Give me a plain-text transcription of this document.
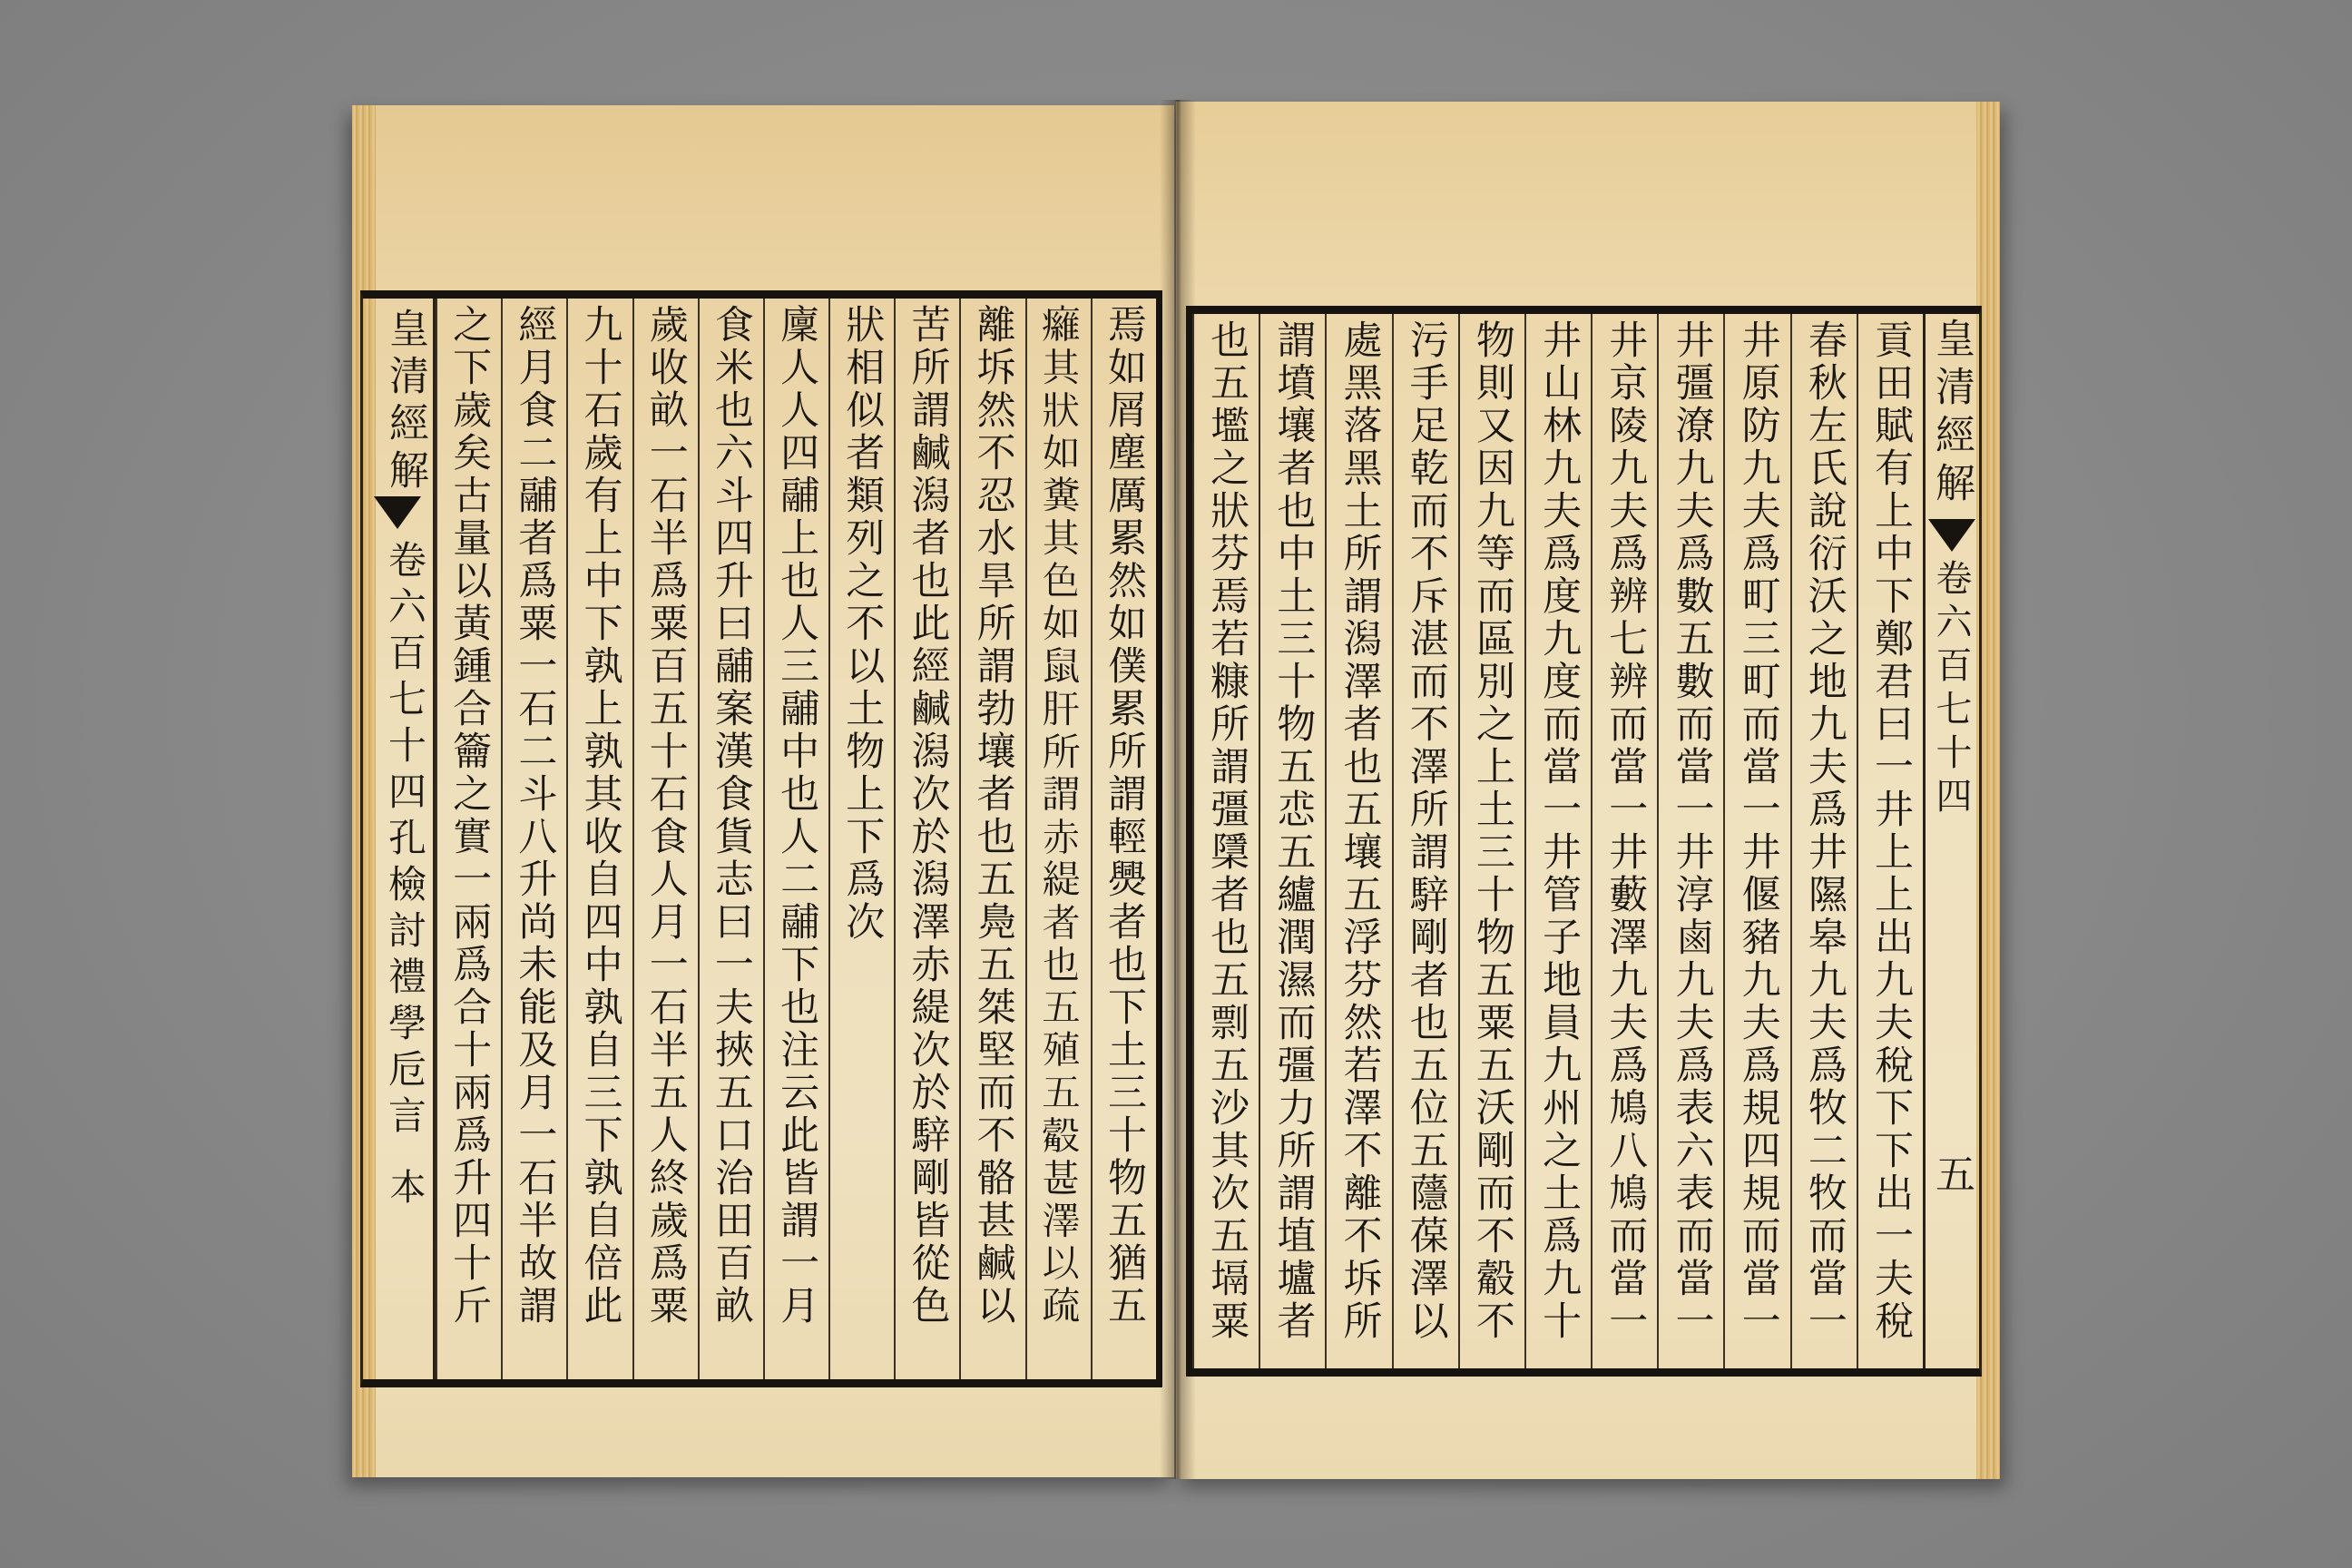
皇清經解
卷六百七十四
孔檢討禮學卮言
本	焉如屑塵厲累然如僕累所謂輕爂者也下土三十物五猶五
𤻕其狀如糞其色如鼠肝所謂赤緹者也五殖五觳甚澤以疏
離坼然不忍水旱所謂勃壤者也五鳧五桀堅而不骼甚鹹以
苦所謂鹹潟者也此經鹹潟次於潟澤赤緹次於騂剛皆從色
狀相似者類列之不以土物上下爲次
廩人人四鬴上也人三鬴中也人二鬴下也注云此皆謂一月
食米也六斗四升曰鬴案漢食貨志曰一夫挾五口治田百畝
歲收畝一石半爲粟百五十石食人月一石半五人終歲爲粟
九十石歲有上中下孰上孰其收自四中孰自三下孰自倍此
經月食二鬴者爲粟一石二斗八升尚未能及月一石半故謂
之下歲矣古量以黃鍾合籥之實一兩爲合十兩爲升四十斤	貢田賦有上中下鄭君曰一井上上出九夫稅下下出一夫稅
春秋左氏說衍沃之地九夫爲井隰皋九夫爲牧二牧而當一
井原防九夫爲町三町而當一井偃豬九夫爲規四規而當一
井彊潦九夫爲數五數而當一井淳鹵九夫爲表六表而當一
井京陵九夫爲辨七辨而當一井藪澤九夫爲鳩八鳩而當一
井山林九夫爲度九度而當一井管子地員九州之土爲九十
物則又因九等而區別之上土三十物五粟五沃剛而不觳不
污手足乾而不斥湛而不澤所謂騂剛者也五位五蘟葆澤以
處黑落黑土所謂潟澤者也五壤五浮芬然若澤不離不坼所
謂墳壤者也中土三十物五怷五纑潤濕而彊力所謂埴壚者
也五壏之狀芬焉若糠所謂彊檃者也五剽五沙其次五塥粟	皇清經解
卷六百七十四
五
